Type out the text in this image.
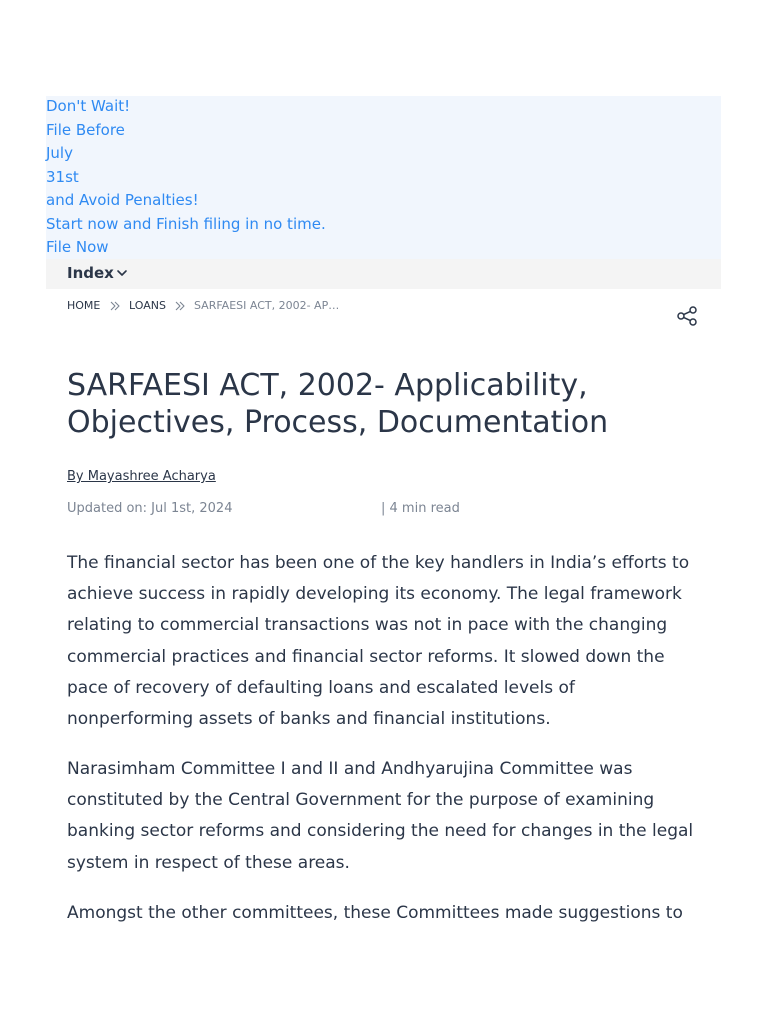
Don't Wait!
File Before
July
31st
and Avoid Penalties!
Start now and Finish filing in no time.
File Now
Index
HOME	LOANS	SARFAESI ACT, 2002- AP…
SARFAESI ACT, 2002- Applicability, Objectives, Process, Documentation
By Mayashree Acharya
Updated on: Jul 1st, 2024	| 4 min read

The financial sector has been one of the key handlers in India’s efforts to
achieve success in rapidly developing its economy. The legal framework
relating to commercial transactions was not in pace with the changing
commercial practices and financial sector reforms. It slowed down the
pace of recovery of defaulting loans and escalated levels of
nonperforming assets of banks and financial institutions.

Narasimham Committee I and II and Andhyarujina Committee was
constituted by the Central Government for the purpose of examining
banking sector reforms and considering the need for changes in the legal
system in respect of these areas.

Amongst the other committees, these Committees made suggestions to
